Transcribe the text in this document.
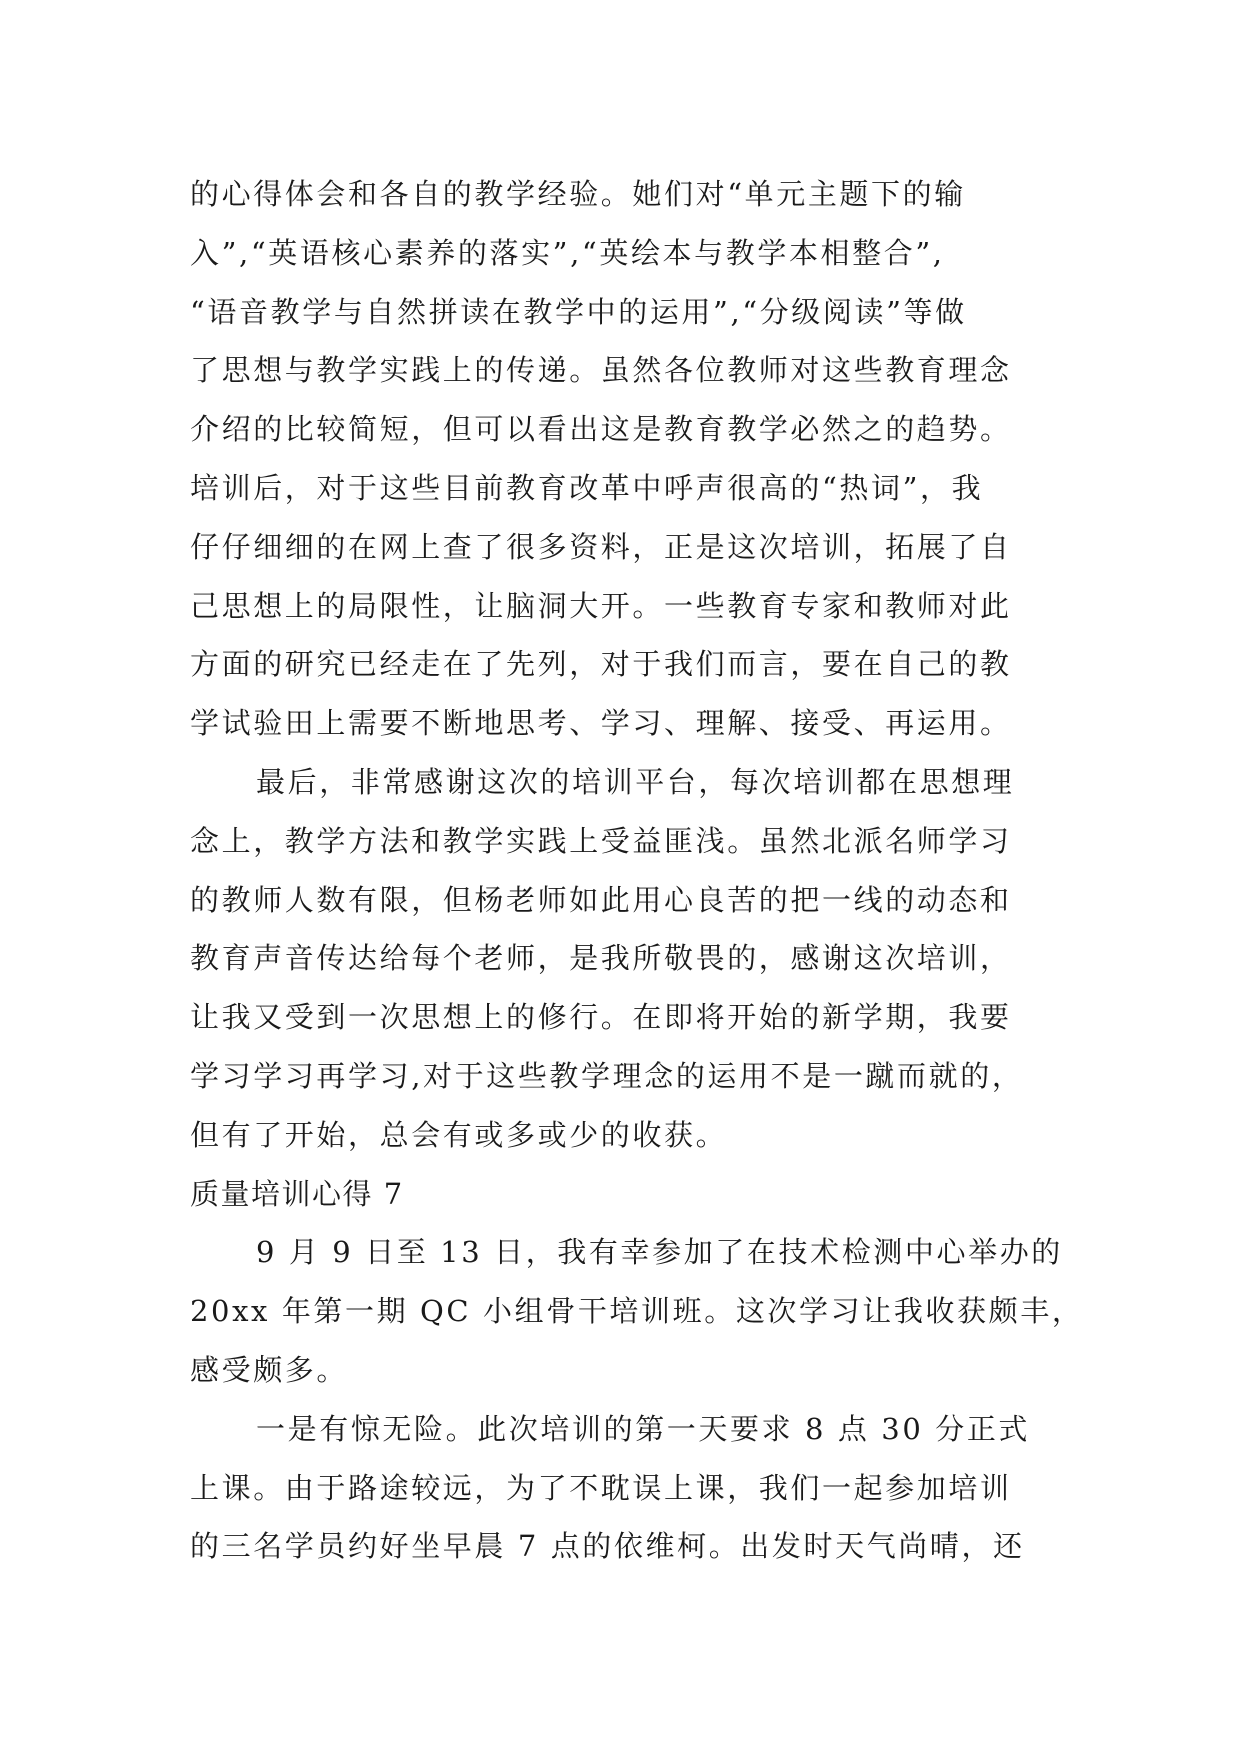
的心得体会和各自的教学经验。她们对“单元主题下的输
入”,“英语核心素养的落实”,“英绘本与教学本相整合”,
“语音教学与自然拼读在教学中的运用”,“分级阅读”等做
了思想与教学实践上的传递。虽然各位教师对这些教育理念
介绍的比较简短，但可以看出这是教育教学必然之的趋势。
培训后，对于这些目前教育改革中呼声很高的“热词”，我
仔仔细细的在网上查了很多资料，正是这次培训，拓展了自
己思想上的局限性，让脑洞大开。一些教育专家和教师对此
方面的研究已经走在了先列，对于我们而言，要在自己的教
学试验田上需要不断地思考、学习、理解、接受、再运用。
最后，非常感谢这次的培训平台，每次培训都在思想理
念上，教学方法和教学实践上受益匪浅。虽然北派名师学习
的教师人数有限，但杨老师如此用心良苦的把一线的动态和
教育声音传达给每个老师，是我所敬畏的，感谢这次培训，
让我又受到一次思想上的修行。在即将开始的新学期，我要
学习学习再学习,对于这些教学理念的运用不是一蹴而就的，
但有了开始，总会有或多或少的收获。
质量培训心得 7
9 月 9 日至 13 日，我有幸参加了在技术检测中心举办的
20xx 年第一期 QC 小组骨干培训班。这次学习让我收获颇丰，
感受颇多。
一是有惊无险。此次培训的第一天要求 8 点 30 分正式
上课。由于路途较远，为了不耽误上课，我们一起参加培训
的三名学员约好坐早晨 7 点的依维柯。出发时天气尚晴，还
